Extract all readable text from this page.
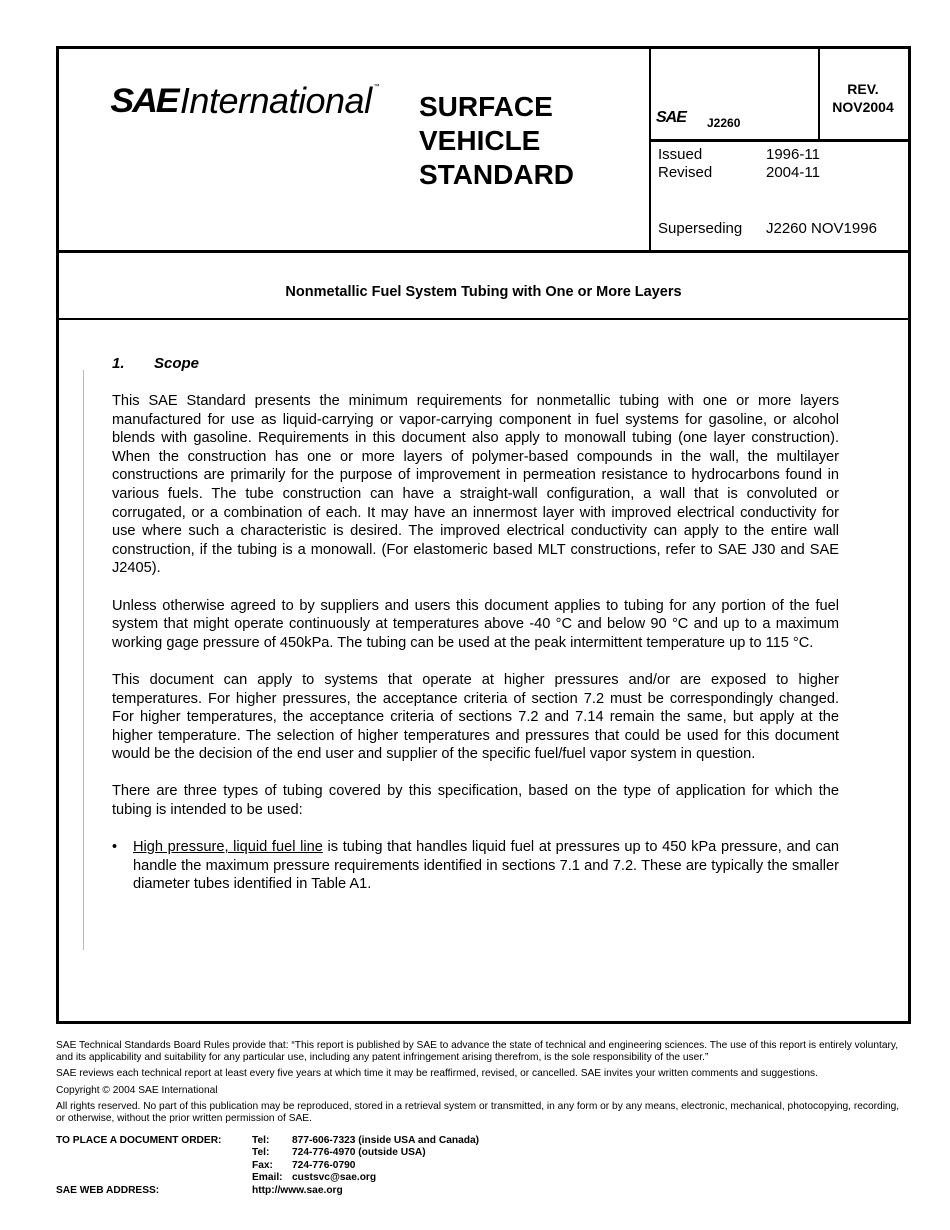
SAE International ™
SURFACE
VEHICLE
STANDARD
SAE J2260
REV.
NOV2004
Issued	1996-11
Revised	2004-11
Superseding J2260 NOV1996
Nonmetallic Fuel System Tubing with One or More Layers
1. Scope

This SAE Standard presents the minimum requirements for nonmetallic tubing with one or more layers manufactured for use as liquid-carrying or vapor-carrying component in fuel systems for gasoline, or alcohol blends with gasoline. Requirements in this document also apply to monowall tubing (one layer construction). When the construction has one or more layers of polymer-based compounds in the wall, the multilayer constructions are primarily for the purpose of improvement in permeation resistance to hydrocarbons found in various fuels. The tube construction can have a straight-wall configuration, a wall that is convoluted or corrugated, or a combination of each. It may have an innermost layer with improved electrical conductivity for use where such a characteristic is desired. The improved electrical conductivity can apply to the entire wall construction, if the tubing is a monowall. (For elastomeric based MLT constructions, refer to SAE J30 and SAE J2405).

Unless otherwise agreed to by suppliers and users this document applies to tubing for any portion of the fuel system that might operate continuously at temperatures above -40 °C and below 90 °C and up to a maximum working gage pressure of 450kPa. The tubing can be used at the peak intermittent temperature up to 115 °C.

This document can apply to systems that operate at higher pressures and/or are exposed to higher temperatures. For higher pressures, the acceptance criteria of section 7.2 must be correspondingly changed. For higher temperatures, the acceptance criteria of sections 7.2 and 7.14 remain the same, but apply at the higher temperature. The selection of higher temperatures and pressures that could be used for this document would be the decision of the end user and supplier of the specific fuel/fuel vapor system in question.

There are three types of tubing covered by this specification, based on the type of application for which the tubing is intended to be used:

•	High pressure, liquid fuel line is tubing that handles liquid fuel at pressures up to 450 kPa pressure, and can handle the maximum pressure requirements identified in sections 7.1 and 7.2. These are typically the smaller diameter tubes identified in Table A1.

SAE Technical Standards Board Rules provide that: “This report is published by SAE to advance the state of technical and engineering sciences. The use of this report is entirely voluntary, and its applicability and suitability for any particular use, including any patent infringement arising therefrom, is the sole responsibility of the user.”

SAE reviews each technical report at least every five years at which time it may be reaffirmed, revised, or cancelled. SAE invites your written comments and suggestions.

Copyright © 2004 SAE International

All rights reserved. No part of this publication may be reproduced, stored in a retrieval system or transmitted, in any form or by any means, electronic, mechanical, photocopying, recording, or otherwise, without the prior written permission of SAE.

TO PLACE A DOCUMENT ORDER:	Tel: 877-606-7323 (inside USA and Canada)
Tel: 724-776-4970 (outside USA)
Fax: 724-776-0790
Email: custsvc@sae.org
SAE WEB ADDRESS:	http://www.sae.org
